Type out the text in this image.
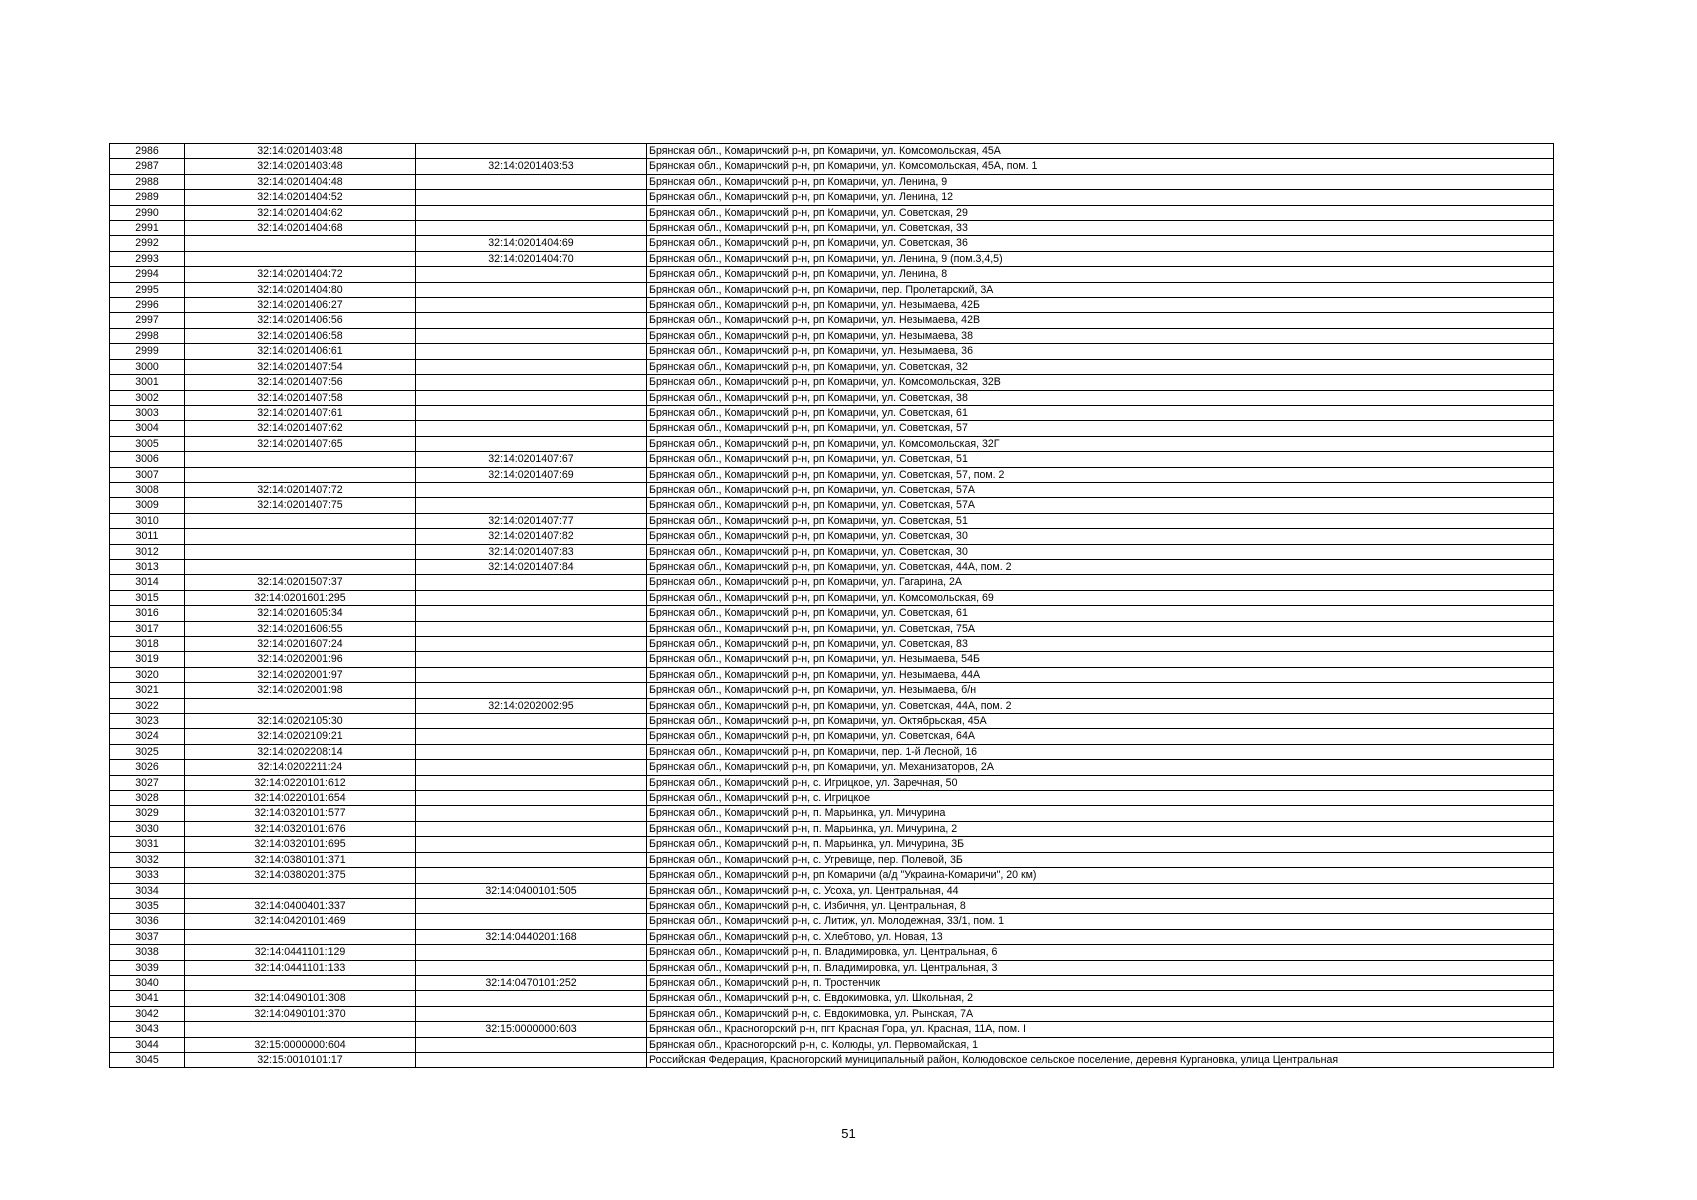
2986	32:14:0201403:48		Брянская обл., Комаричский р-н, рп Комаричи, ул. Комсомольская, 45А
2987	32:14:0201403:48	32:14:0201403:53	Брянская обл., Комаричский р-н, рп Комаричи, ул. Комсомольская, 45А, пом. 1
2988	32:14:0201404:48		Брянская обл., Комаричский р-н, рп Комаричи, ул. Ленина, 9
2989	32:14:0201404:52		Брянская обл., Комаричский р-н, рп Комаричи, ул. Ленина, 12
2990	32:14:0201404:62		Брянская обл., Комаричский р-н, рп Комаричи, ул. Советская, 29
2991	32:14:0201404:68		Брянская обл., Комаричский р-н, рп Комаричи, ул. Советская, 33
2992		32:14:0201404:69	Брянская обл., Комаричский р-н, рп Комаричи, ул. Советская, 36
2993		32:14:0201404:70	Брянская обл., Комаричский р-н, рп Комаричи, ул. Ленина, 9 (пом.3,4,5)
2994	32:14:0201404:72		Брянская обл., Комаричский р-н, рп Комаричи, ул. Ленина, 8
2995	32:14:0201404:80		Брянская обл., Комаричский р-н, рп Комаричи, пер. Пролетарский, 3А
2996	32:14:0201406:27		Брянская обл., Комаричский р-н, рп Комаричи, ул. Незымаева, 42Б
2997	32:14:0201406:56		Брянская обл., Комаричский р-н, рп Комаричи, ул. Незымаева, 42В
2998	32:14:0201406:58		Брянская обл., Комаричский р-н, рп Комаричи, ул. Незымаева, 38
2999	32:14:0201406:61		Брянская обл., Комаричский р-н, рп Комаричи, ул. Незымаева, 36
3000	32:14:0201407:54		Брянская обл., Комаричский р-н, рп Комаричи, ул. Советская, 32
3001	32:14:0201407:56		Брянская обл., Комаричский р-н, рп Комаричи, ул. Комсомольская, 32В
3002	32:14:0201407:58		Брянская обл., Комаричский р-н, рп Комаричи, ул. Советская, 38
3003	32:14:0201407:61		Брянская обл., Комаричский р-н, рп Комаричи, ул. Советская, 61
3004	32:14:0201407:62		Брянская обл., Комаричский р-н, рп Комаричи, ул. Советская, 57
3005	32:14:0201407:65		Брянская обл., Комаричский р-н, рп Комаричи, ул. Комсомольская, 32Г
3006		32:14:0201407:67	Брянская обл., Комаричский р-н, рп Комаричи, ул. Советская, 51
3007		32:14:0201407:69	Брянская обл., Комаричский р-н, рп Комаричи, ул. Советская, 57, пом. 2
3008	32:14:0201407:72		Брянская обл., Комаричский р-н, рп Комаричи, ул. Советская, 57А
3009	32:14:0201407:75		Брянская обл., Комаричский р-н, рп Комаричи, ул. Советская, 57А
3010		32:14:0201407:77	Брянская обл., Комаричский р-н, рп Комаричи, ул. Советская, 51
3011		32:14:0201407:82	Брянская обл., Комаричский р-н, рп Комаричи, ул. Советская, 30
3012		32:14:0201407:83	Брянская обл., Комаричский р-н, рп Комаричи, ул. Советская, 30
3013		32:14:0201407:84	Брянская обл., Комаричский р-н, рп Комаричи, ул. Советская, 44А, пом. 2
3014	32:14:0201507:37		Брянская обл., Комаричский р-н, рп Комаричи, ул. Гагарина, 2А
3015	32:14:0201601:295		Брянская обл., Комаричский р-н, рп Комаричи, ул. Комсомольская, 69
3016	32:14:0201605:34		Брянская обл., Комаричский р-н, рп Комаричи, ул. Советская, 61
3017	32:14:0201606:55		Брянская обл., Комаричский р-н, рп Комаричи, ул. Советская, 75А
3018	32:14:0201607:24		Брянская обл., Комаричский р-н, рп Комаричи, ул. Советская, 83
3019	32:14:0202001:96		Брянская обл., Комаричский р-н, рп Комаричи, ул. Незымаева, 54Б
3020	32:14:0202001:97		Брянская обл., Комаричский р-н, рп Комаричи, ул. Незымаева, 44А
3021	32:14:0202001:98		Брянская обл., Комаричский р-н, рп Комаричи, ул. Незымаева, б/н
3022		32:14:0202002:95	Брянская обл., Комаричский р-н, рп Комаричи, ул. Советская, 44А, пом. 2
3023	32:14:0202105:30		Брянская обл., Комаричский р-н, рп Комаричи, ул. Октябрьская, 45А
3024	32:14:0202109:21		Брянская обл., Комаричский р-н, рп Комаричи, ул. Советская, 64А
3025	32:14:0202208:14		Брянская обл., Комаричский р-н, рп Комаричи, пер. 1-й Лесной, 16
3026	32:14:0202211:24		Брянская обл., Комаричский р-н, рп Комаричи, ул. Механизаторов, 2А
3027	32:14:0220101:612		Брянская обл., Комаричский р-н, с. Игрицкое, ул. Заречная, 50
3028	32:14:0220101:654		Брянская обл., Комаричский р-н, с. Игрицкое
3029	32:14:0320101:577		Брянская обл., Комаричский р-н, п. Марьинка, ул. Мичурина
3030	32:14:0320101:676		Брянская обл., Комаричский р-н, п. Марьинка, ул. Мичурина, 2
3031	32:14:0320101:695		Брянская обл., Комаричский р-н, п. Марьинка, ул. Мичурина, 3Б
3032	32:14:0380101:371		Брянская обл., Комаричский р-н, с. Угревище, пер. Полевой, 3Б
3033	32:14:0380201:375		Брянская обл., Комаричский р-н, рп Комаричи (а/д "Украина-Комаричи", 20 км)
3034		32:14:0400101:505	Брянская обл., Комаричский р-н, с. Усоха, ул. Центральная, 44
3035	32:14:0400401:337		Брянская обл., Комаричский р-н, с. Избичня, ул. Центральная, 8
3036	32:14:0420101:469		Брянская обл., Комаричский р-н, с. Литиж, ул. Молодежная, 33/1, пом. 1
3037		32:14:0440201:168	Брянская обл., Комаричский р-н, с. Хлебтово, ул. Новая, 13
3038	32:14:0441101:129		Брянская обл., Комаричский р-н, п. Владимировка, ул. Центральная, 6
3039	32:14:0441101:133		Брянская обл., Комаричский р-н, п. Владимировка, ул. Центральная, 3
3040		32:14:0470101:252	Брянская обл., Комаричский р-н, п. Тростенчик
3041	32:14:0490101:308		Брянская обл., Комаричский р-н, с. Евдокимовка, ул. Школьная, 2
3042	32:14:0490101:370		Брянская обл., Комаричский р-н, с. Евдокимовка, ул. Рынская, 7А
3043		32:15:0000000:603	Брянская обл., Красногорский р-н, пгт Красная Гора, ул. Красная, 11А, пом. I
3044	32:15:0000000:604		Брянская обл., Красногорский р-н, с. Колюды, ул. Первомайская, 1
3045	32:15:0010101:17		Российская Федерация, Красногорский муниципальный район, Колюдовское сельское поселение, деревня Кургановка, улица Центральная
51
